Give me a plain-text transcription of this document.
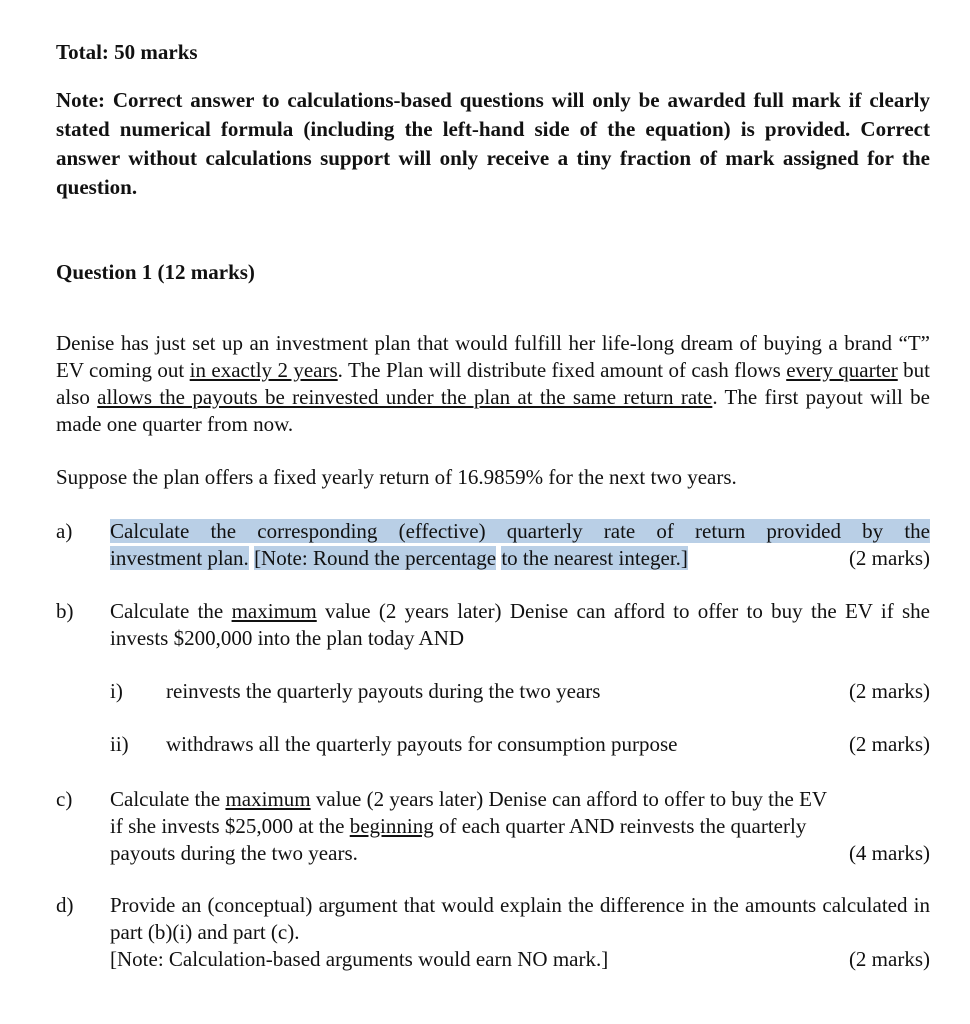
Total: 50 marks
Note: Correct answer to calculations-based questions will only be awarded full mark if clearly stated numerical formula (including the left-hand side of the equation) is provided. Correct answer without calculations support will only receive a tiny fraction of mark assigned for the question.
Question 1 (12 marks)
Denise has just set up an investment plan that would fulfill her life-long dream of buying a brand “T” EV coming out in exactly 2 years. The Plan will distribute fixed amount of cash flows every quarter but also allows the payouts be reinvested under the plan at the same return rate. The first payout will be made one quarter from now.
Suppose the plan offers a fixed yearly return of 16.9859% for the next two years.
a) Calculate the corresponding (effective) quarterly rate of return provided by the
investment plan. [Note: Round the percentage to the nearest integer.]	(2 marks)
b) Calculate the maximum value (2 years later) Denise can afford to offer to buy the EV if she invests $200,000 into the plan today AND
i) reinvests the quarterly payouts during the two years	(2 marks)
ii) withdraws all the quarterly payouts for consumption purpose	(2 marks)
c) Calculate the maximum value (2 years later) Denise can afford to offer to buy the EV if she invests $25,000 at the beginning of each quarter AND reinvests the quarterly payouts during the two years.	(4 marks)
d) Provide an (conceptual) argument that would explain the difference in the amounts calculated in part (b)(i) and part (c).
[Note: Calculation-based arguments would earn NO mark.]	(2 marks)
